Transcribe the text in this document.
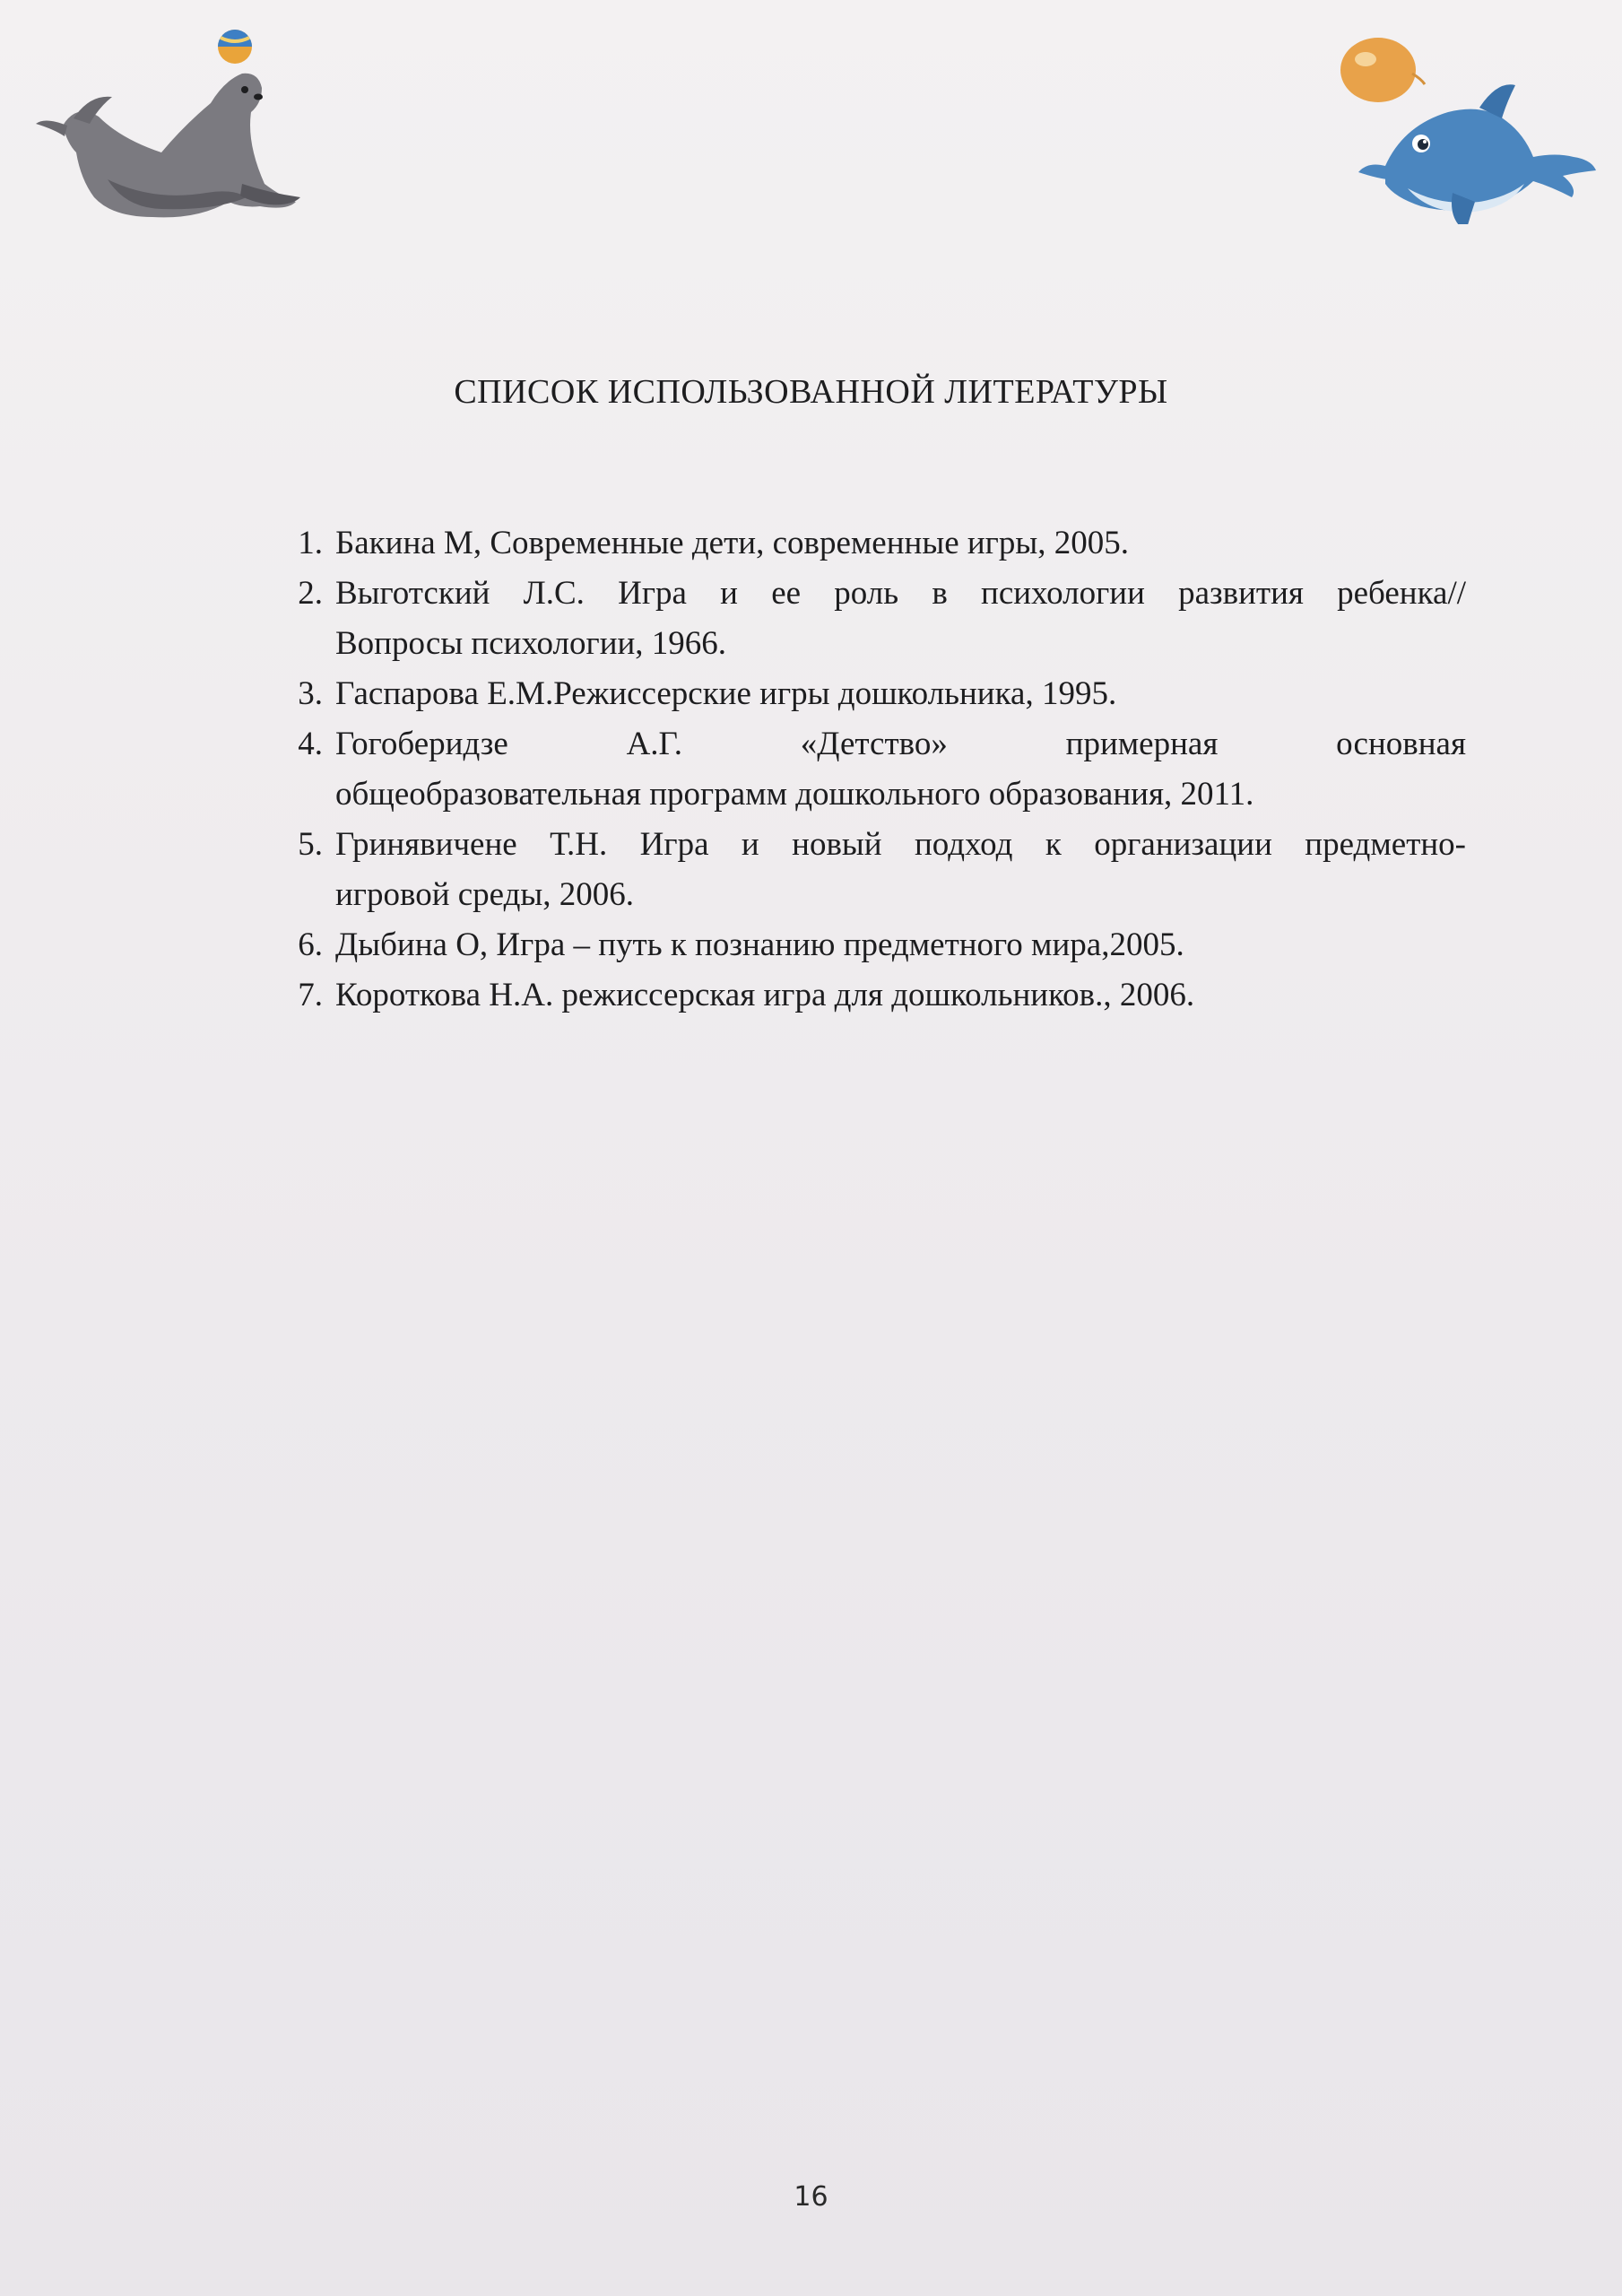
СПИСОК ИСПОЛЬЗОВАННОЙ ЛИТЕРАТУРЫ
1. Бакина М, Современные дети, современные игры, 2005.
2. Выготский Л.С. Игра и ее роль в психологии развития ребенка//
Вопросы психологии, 1966.
3. Гаспарова Е.М.Режиссерские игры дошкольника, 1995.
4. Гогоберидзе А.Г. «Детство» примерная основная
общеобразовательная программ дошкольного образования, 2011.
5. Гринявичене Т.Н. Игра и новый подход к организации предметно-
игровой среды, 2006.
6. Дыбина О, Игра – путь к познанию предметного мира,2005.
7. Короткова Н.А. режиссерская игра для дошкольников., 2006.
16
